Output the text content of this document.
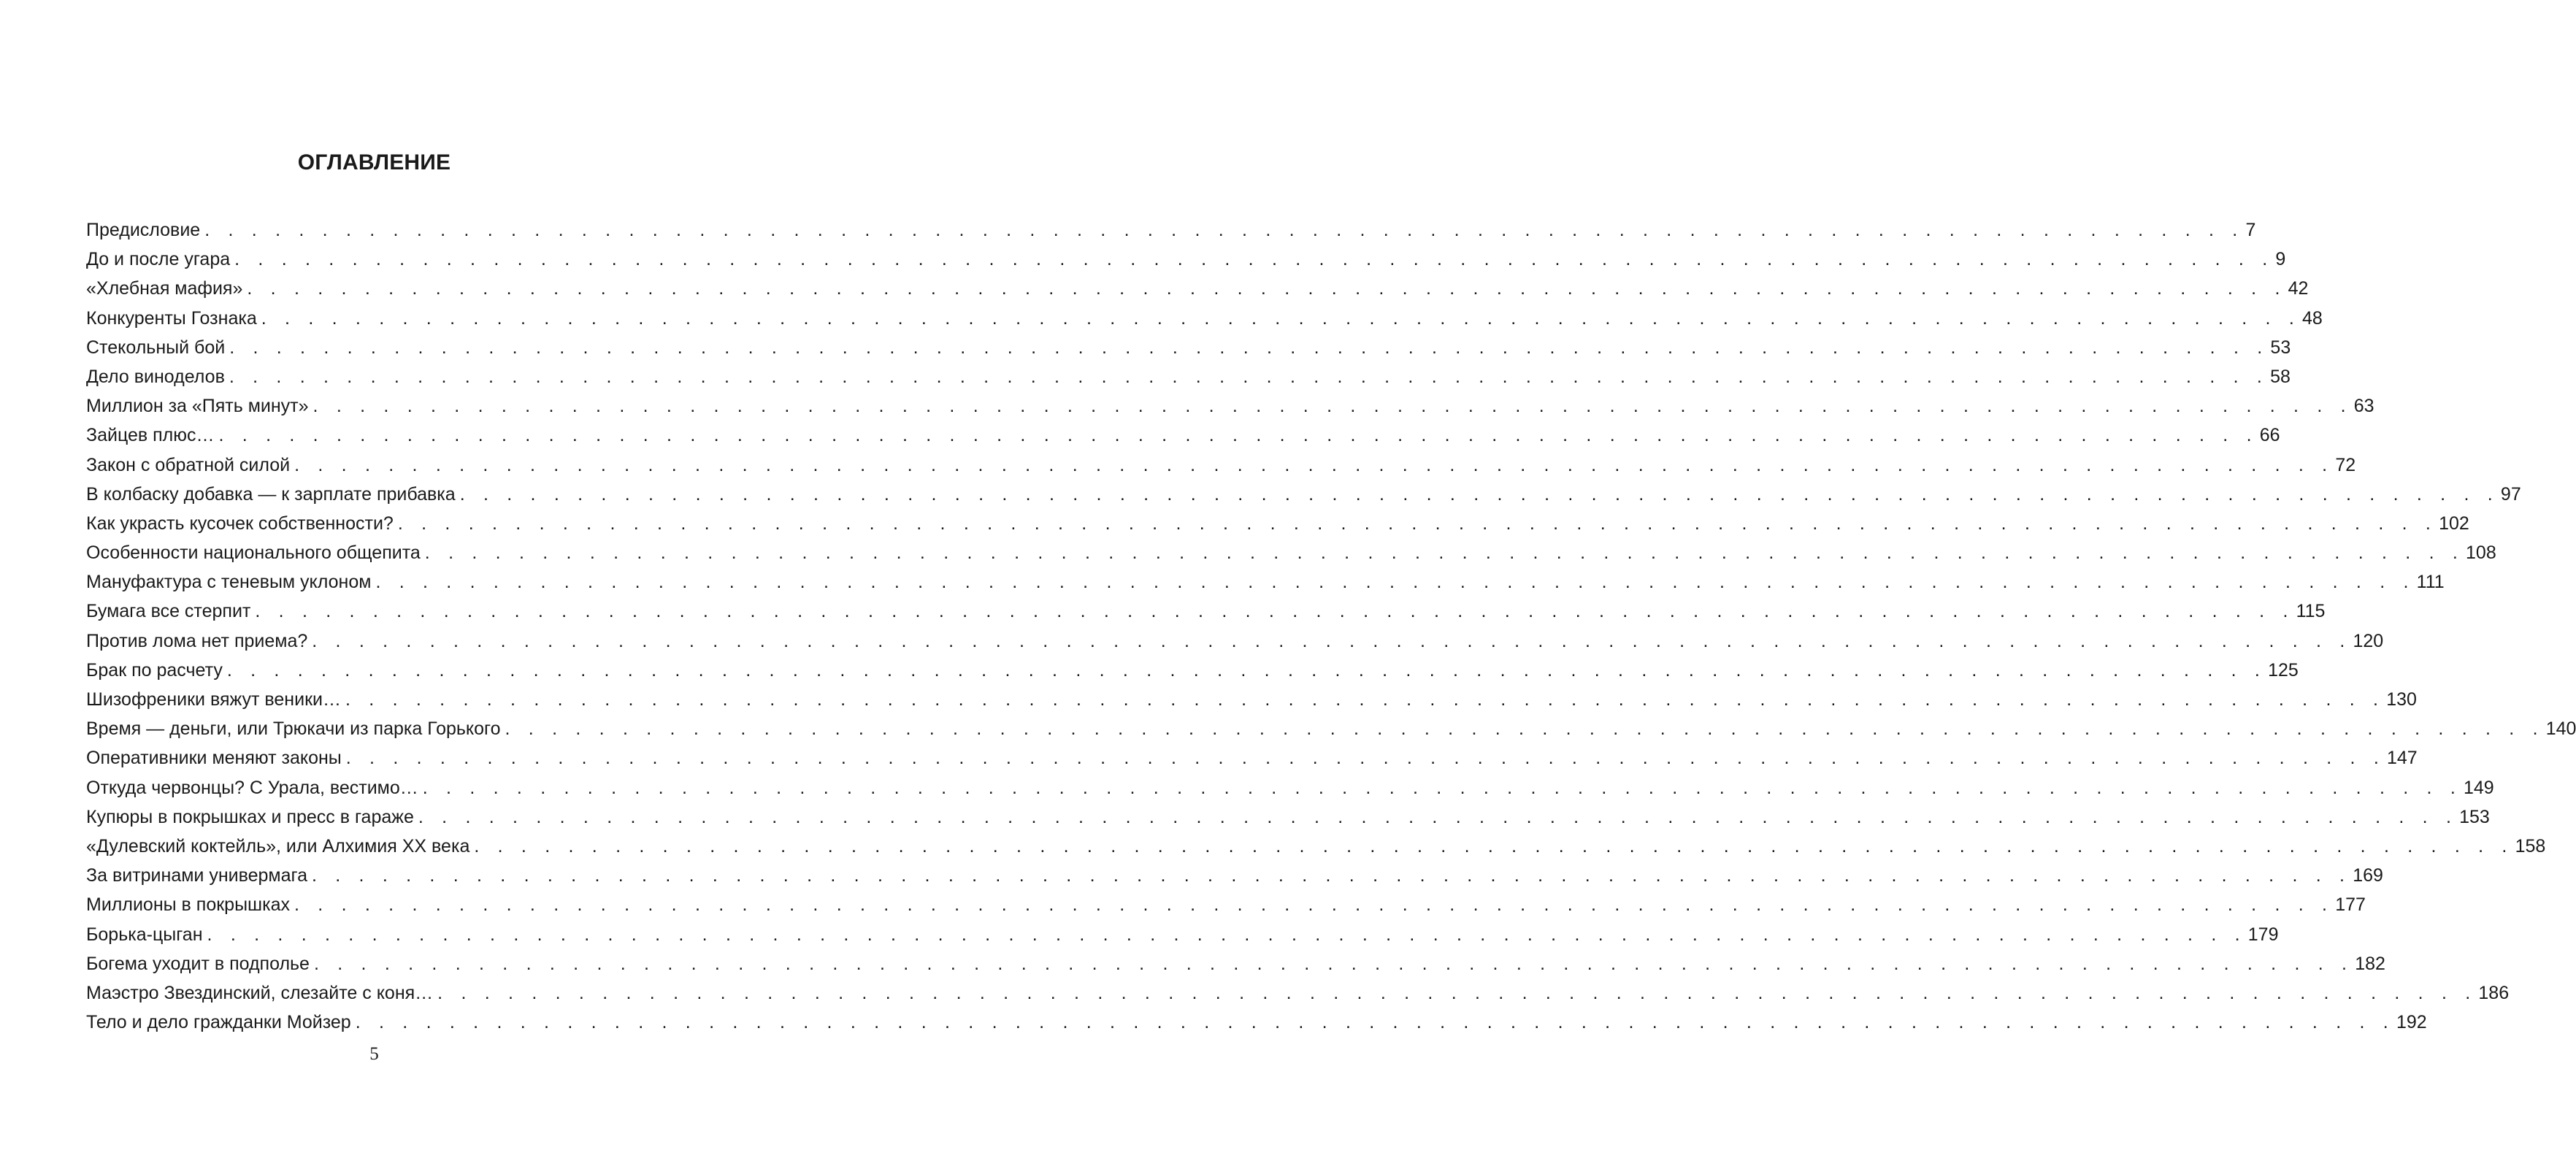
ОГЛАВЛЕНИЕ
Предисловие . . . . . . . . . . . . . . . . . . . . . . . . . . . . . . . . . . . . . . . . . . . . . . . . . . . . . . . . . . . . . . . . . . . . . . . . . . . . . . . . . . . . . . . 7
До и после угара . . . . . . . . . . . . . . . . . . . . . . . . . . . . . . . . . . . . . . . . . . . . . . . . . . . . . . . . . . . . . . . . . . . . . . . . . . . . . . . . . . . . . . . 9
«Хлебная мафия» . . . . . . . . . . . . . . . . . . . . . . . . . . . . . . . . . . . . . . . . . . . . . . . . . . . . . . . . . . . . . . . . . . . . . . . . . . . . . . . . . . . . . . . 42
Конкуренты Гознака . . . . . . . . . . . . . . . . . . . . . . . . . . . . . . . . . . . . . . . . . . . . . . . . . . . . . . . . . . . . . . . . . . . . . . . . . . . . . . . . . . . . . . . 48
Стекольный бой . . . . . . . . . . . . . . . . . . . . . . . . . . . . . . . . . . . . . . . . . . . . . . . . . . . . . . . . . . . . . . . . . . . . . . . . . . . . . . . . . . . . . . . 53
Дело виноделов . . . . . . . . . . . . . . . . . . . . . . . . . . . . . . . . . . . . . . . . . . . . . . . . . . . . . . . . . . . . . . . . . . . . . . . . . . . . . . . . . . . . . . . 58
Миллион за «Пять минут» . . . . . . . . . . . . . . . . . . . . . . . . . . . . . . . . . . . . . . . . . . . . . . . . . . . . . . . . . . . . . . . . . . . . . . . . . . . . . . . . . . . . . . . 63
Зайцев плюс… . . . . . . . . . . . . . . . . . . . . . . . . . . . . . . . . . . . . . . . . . . . . . . . . . . . . . . . . . . . . . . . . . . . . . . . . . . . . . . . . . . . . . . . 66
Закон с обратной силой . . . . . . . . . . . . . . . . . . . . . . . . . . . . . . . . . . . . . . . . . . . . . . . . . . . . . . . . . . . . . . . . . . . . . . . . . . . . . . . . . . . . . . . 72
В колбаску добавка — к зарплате прибавка . . . . . . . . . . . . . . . . . . . . . . . . . . . . . . . . . . . . . . . . . . . . . . . . . . . . . . . . . . . . . . . . . . . . . . . . . . . . . . . . . . . . . . . 97
Как украсть кусочек собственности? . . . . . . . . . . . . . . . . . . . . . . . . . . . . . . . . . . . . . . . . . . . . . . . . . . . . . . . . . . . . . . . . . . . . . . . . . . . . . . . . . . . . . . . 102
Особенности национального общепита . . . . . . . . . . . . . . . . . . . . . . . . . . . . . . . . . . . . . . . . . . . . . . . . . . . . . . . . . . . . . . . . . . . . . . . . . . . . . . . . . . . . . . . 108
Мануфактура с теневым уклоном . . . . . . . . . . . . . . . . . . . . . . . . . . . . . . . . . . . . . . . . . . . . . . . . . . . . . . . . . . . . . . . . . . . . . . . . . . . . . . . . . . . . . . . 111
Бумага все стерпит . . . . . . . . . . . . . . . . . . . . . . . . . . . . . . . . . . . . . . . . . . . . . . . . . . . . . . . . . . . . . . . . . . . . . . . . . . . . . . . . . . . . . . . 115
Против лома нет приема? . . . . . . . . . . . . . . . . . . . . . . . . . . . . . . . . . . . . . . . . . . . . . . . . . . . . . . . . . . . . . . . . . . . . . . . . . . . . . . . . . . . . . . . 120
Брак по расчету . . . . . . . . . . . . . . . . . . . . . . . . . . . . . . . . . . . . . . . . . . . . . . . . . . . . . . . . . . . . . . . . . . . . . . . . . . . . . . . . . . . . . . . 125
Шизофреники вяжут веники… . . . . . . . . . . . . . . . . . . . . . . . . . . . . . . . . . . . . . . . . . . . . . . . . . . . . . . . . . . . . . . . . . . . . . . . . . . . . . . . . . . . . . . . 130
Время — деньги, или Трюкачи из парка Горького . . . . . . . . . . . . . . . . . . . . . . . . . . . . . . . . . . . . . . . . . . . . . . . . . . . . . . . . . . . . . . . . . . . . . . . . . . . . . . . . . . . . . . . 140
Оперативники меняют законы . . . . . . . . . . . . . . . . . . . . . . . . . . . . . . . . . . . . . . . . . . . . . . . . . . . . . . . . . . . . . . . . . . . . . . . . . . . . . . . . . . . . . . . 147
Откуда червонцы? С Урала, вестимо… . . . . . . . . . . . . . . . . . . . . . . . . . . . . . . . . . . . . . . . . . . . . . . . . . . . . . . . . . . . . . . . . . . . . . . . . . . . . . . . . . . . . . . . 149
Купюры в покрышках и пресс в гараже . . . . . . . . . . . . . . . . . . . . . . . . . . . . . . . . . . . . . . . . . . . . . . . . . . . . . . . . . . . . . . . . . . . . . . . . . . . . . . . . . . . . . . . 153
«Дулевский коктейль», или Алхимия XX века . . . . . . . . . . . . . . . . . . . . . . . . . . . . . . . . . . . . . . . . . . . . . . . . . . . . . . . . . . . . . . . . . . . . . . . . . . . . . . . . . . . . . . . 158
За витринами универмага . . . . . . . . . . . . . . . . . . . . . . . . . . . . . . . . . . . . . . . . . . . . . . . . . . . . . . . . . . . . . . . . . . . . . . . . . . . . . . . . . . . . . . . 169
Миллионы в покрышках . . . . . . . . . . . . . . . . . . . . . . . . . . . . . . . . . . . . . . . . . . . . . . . . . . . . . . . . . . . . . . . . . . . . . . . . . . . . . . . . . . . . . . . 177
Борька-цыган . . . . . . . . . . . . . . . . . . . . . . . . . . . . . . . . . . . . . . . . . . . . . . . . . . . . . . . . . . . . . . . . . . . . . . . . . . . . . . . . . . . . . . . 179
Богема уходит в подполье . . . . . . . . . . . . . . . . . . . . . . . . . . . . . . . . . . . . . . . . . . . . . . . . . . . . . . . . . . . . . . . . . . . . . . . . . . . . . . . . . . . . . . . 182
Маэстро Звездинский, слезайте с коня… . . . . . . . . . . . . . . . . . . . . . . . . . . . . . . . . . . . . . . . . . . . . . . . . . . . . . . . . . . . . . . . . . . . . . . . . . . . . . . . . . . . . . . . 186
Тело и дело гражданки Мойзер . . . . . . . . . . . . . . . . . . . . . . . . . . . . . . . . . . . . . . . . . . . . . . . . . . . . . . . . . . . . . . . . . . . . . . . . . . . . . . . . . . . . . . . 192
5
